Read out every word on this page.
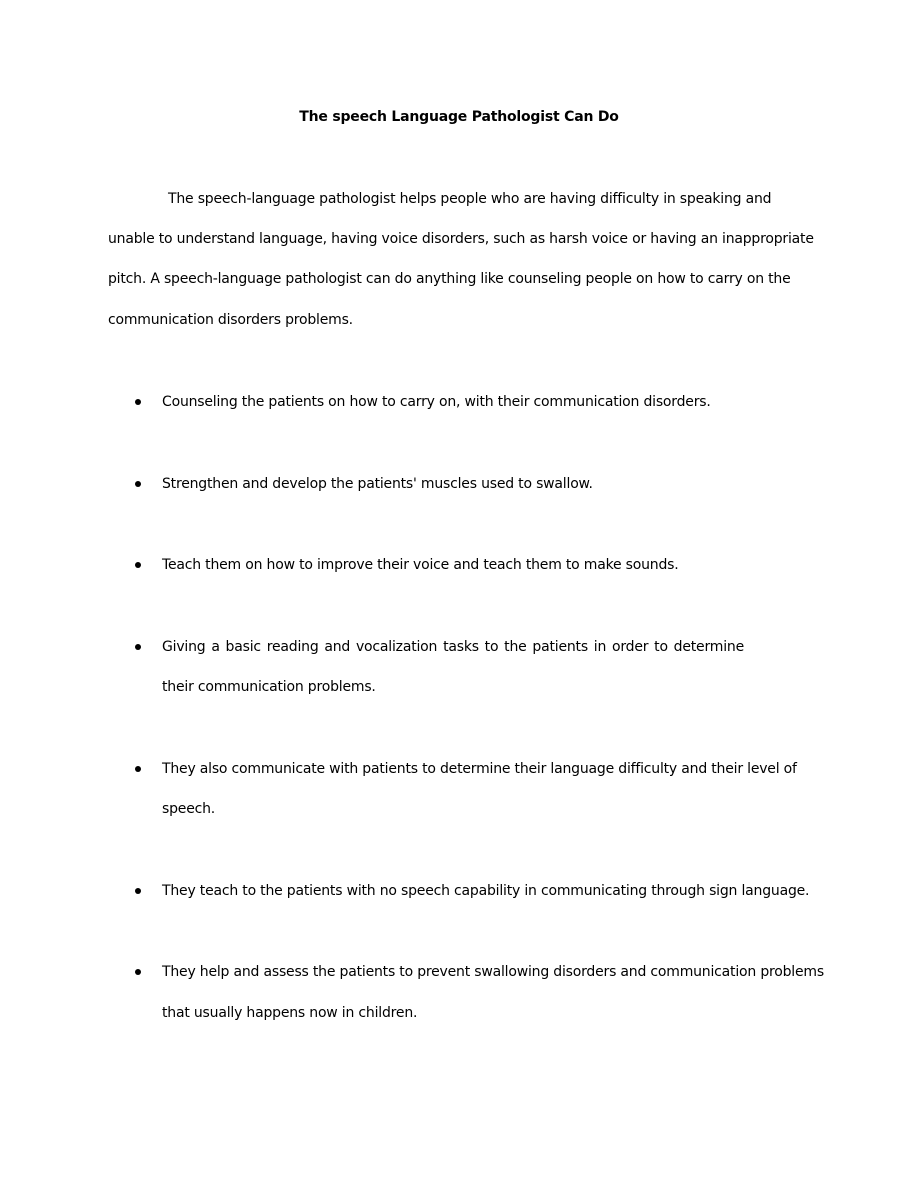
The speech Language Pathologist Can Do
The speech-language pathologist helps people who are having difficulty in speaking and
unable to understand language, having voice disorders, such as harsh voice or having an inappropriate
pitch. A speech-language pathologist can do anything like counseling people on how to carry on the
communication disorders problems.
Counseling the patients on how to carry on, with their communication disorders.
Strengthen and develop the patients' muscles used to swallow.
Teach them on how to improve their voice and teach them to make sounds.
Giving a basic reading and vocalization tasks to the patients in order to determine
their communication problems.
They also communicate with patients to determine their language difficulty and their level of
speech.
They teach to the patients with no speech capability in communicating through sign language.
They help and assess the patients to prevent swallowing disorders and communication problems
that usually happens now in children.
